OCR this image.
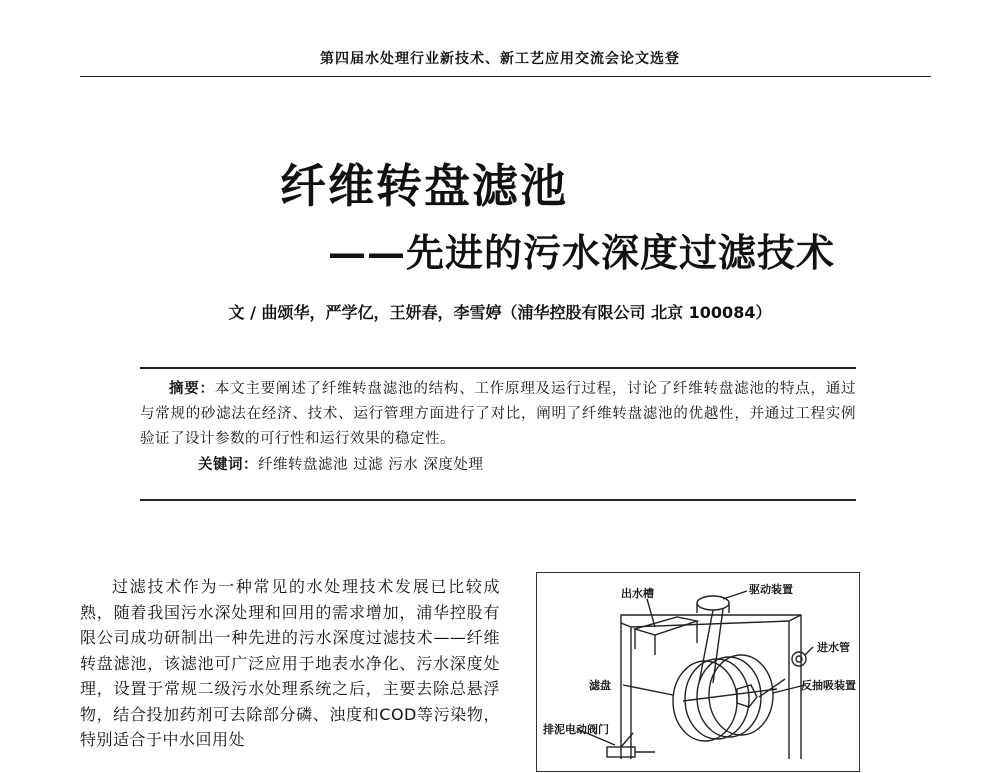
第四届水处理行业新技术、新工艺应用交流会论文选登
纤维转盘滤池
——先进的污水深度过滤技术
文 / 曲颂华，严学亿，王妍春，李雪婷（浦华控股有限公司 北京 100084）

摘要：本文主要阐述了纤维转盘滤池的结构、工作原理及运行过程，讨论了纤维转盘滤池的特点，通过与常规的砂滤法在经济、技术、运行管理方面进行了对比，阐明了纤维转盘滤池的优越性，并通过工程实例验证了设计参数的可行性和运行效果的稳定性。

关键词：纤维转盘滤池 过滤 污水 深度处理

过滤技术作为一种常见的水处理技术发展已比较成熟，随着我国污水深处理和回用的需求增加，浦华控股有限公司成功研制出一种先进的污水深度过滤技术——纤维转盘滤池，该滤池可广泛应用于地表水净化、污水深度处理，设置于常规二级污水处理系统之后，主要去除总悬浮物，结合投加药剂可去除部分磷、浊度和COD等污染物，特别适合于中水回用处
出水槽	驱动装置
进水管
滤盘	反抽吸装置
排泥电动阀门
